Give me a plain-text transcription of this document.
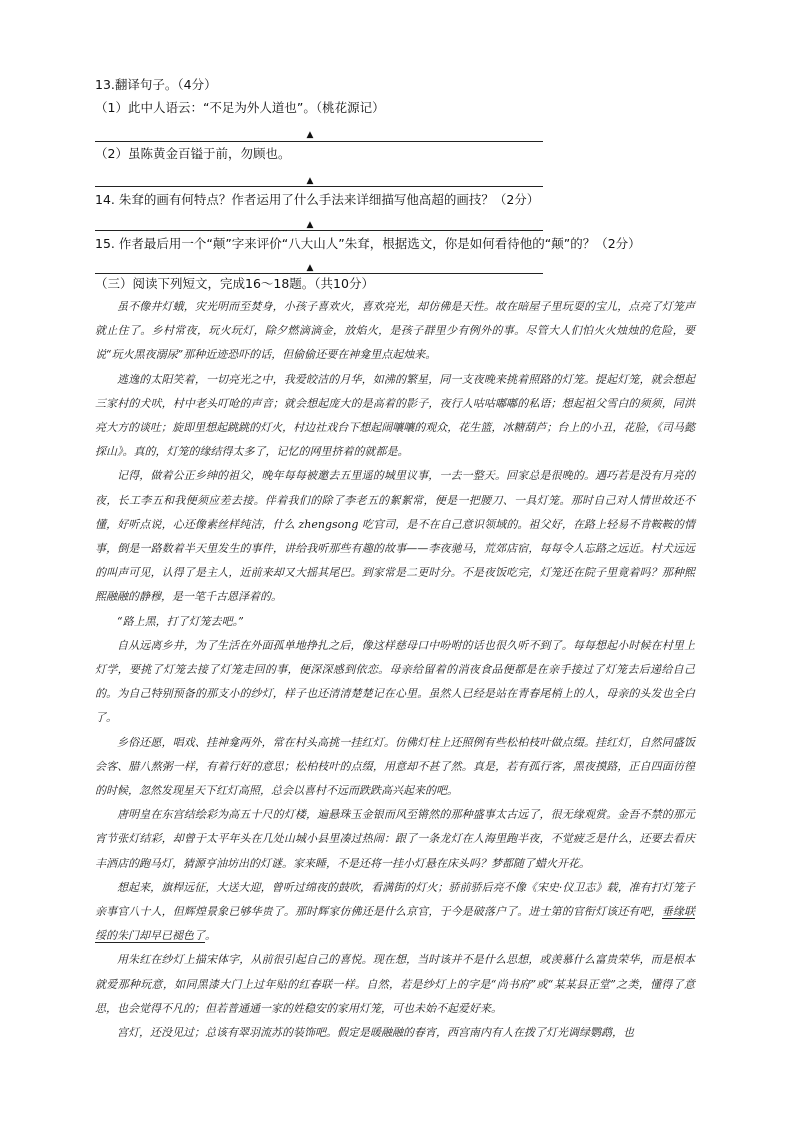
13.翻译句子。（4分）
（1）此中人语云：“不足为外人道也”。（桃花源记）
▲
（2）虽陈黄金百镒于前，勿顾也。
▲
14. 朱耷的画有何特点？作者运用了什么手法来详细描写他高超的画技？（2分）
▲
15. 作者最后用一个“颠”字来评价“八大山人”朱耷，根据选文，你是如何看待他的“颠”的？（2分）
▲
（三）阅读下列短文，完成16～18题。（共10分）

虽不像井灯蛾，灾光明而至焚身，小孩子喜欢火，喜欢亮光，却仿佛是天性。故在暗屋子里玩耍的宝儿，点亮了灯笼声就止住了。乡村常夜，玩火玩灯，除夕燃滴滴金，放焰火，是孩子群里少有例外的事。尽管大人们怕火火烛烛的危险，要说“玩火黑夜溺尿”那种近迹恐吓的话，但偷偷还要在神龛里点起烛来。

逃逸的太阳笑着，一切亮光之中，我爱皎洁的月华，如沸的繁星，同一支夜晚来挑着照路的灯笼。提起灯笼，就会想起三家村的犬吠，村中老头叮呛的声音；就会想起庞大的是高着的影子，夜行人咕咕嘟嘟的私语；想起祖父雪白的须须，同洪亮大方的谈吐；旋即里想起跳跳的灯火，村边社戏台下想起闹嚷嚷的观众，花生篮，冰糖葫芦；台上的小丑，花脸，《司马懿探山》。真的，灯笼的缘结得太多了，记忆的网里挤着的就都是。

记得，做着公正乡绅的祖父，晚年每每被邀去五里遥的城里议事，一去一整天。回家总是很晚的。遇巧若是没有月亮的夜，长工李五和我便须应差去接。伴着我们的除了李老五的絮絮常，便是一把腰刀、一具灯笼。那时自己对人情世故还不懂，好听点说，心还像素丝样纯洁，什么 zhengsong 吃官司，是不在自己意识领域的。祖父好，在路上轻易不肯鞍鞍的情事，倒是一路数着半天里发生的事件，讲给我听那些有趣的故事——李夜驰马，荒郊店宿，每每令人忘路之远近。村犬远远的叫声可见，认得了是主人，近前来却又大摇其尾巴。到家常是二更时分。不是夜饭吃完，灯笼还在院子里竟着吗？那种熙熙融融的静穆，是一笔千古恩泽着的。

“路上黑，打了灯笼去吧。”

自从远离乡井，为了生活在外面孤单地挣扎之后，像这样慈母口中吩咐的话也很久听不到了。每每想起小时候在村里上灯学，要挑了灯笼去接了灯笼走回的事，便深深感到依恋。母亲给留着的消夜食品便都是在亲手接过了灯笼去后递给自己的。为自己特别预备的那支小的纱灯，样子也还清清楚楚记在心里。虽然人已经是站在青春尾梢上的人，母亲的头发也全白了。

乡俗还愿，唱戏、挂神龛两外，常在村头高挑一挂红灯。仿佛灯柱上还照例有些松柏枝叶做点缀。挂红灯，自然同盛饭会客、腊八熬粥一样，有着行好的意思；松柏枝叶的点缀，用意却不甚了然。真是，若有孤行客，黑夜摸路，正自四面彷徨的时候，忽然发现星天下红灯高照，总会以喜村不远而跌跌高兴起来的吧。

唐明皇在东宫结绘彩为高五十尺的灯楼，遍悬珠玉金银而风至锵然的那种盛事太古远了，很无缘观赏。金吾不禁的那元宵节张灯结彩，却曾于太平年头在几处山城小县里凑过热闹：跟了一条龙灯在人海里跑半夜，不觉疲乏是什么，还要去看庆丰酒店的跑马灯，猜源亨油坊出的灯谜。家来睡，不是还将一挂小灯悬在床头吗？梦都随了蜡火开花。

想起来，旗桿远征，大送大迎，曾听过绵夜的鼓吹，看满街的灯火；骄前骄后亮不像《宋史·仪卫志》载，准有打灯笼子亲事官八十人，但辉煌景象已够华贵了。那时辉家仿佛还是什么京官，于今是破落户了。进士第的官衔灯该还有吧，垂缘联绥的朱门却早已褪色了。

用朱红在纱灯上描宋体字，从前很引起自己的喜悦。现在想，当时该并不是什么思想，或羡慕什么富贵荣华，而是根本就爱那种玩意，如同黑漆大门上过年贴的红春联一样。自然，若是纱灯上的字是“尚书府”或“某某县正堂”之类，懂得了意思，也会觉得不凡的；但若普通通一家的姓稳安的家用灯笼，可也未始不起爱好来。

宫灯，还没见过；总该有翠羽流苏的装饰吧。假定是暖融融的春宵，西宫南内有人在拨了灯光调绿鹦鹉，也
